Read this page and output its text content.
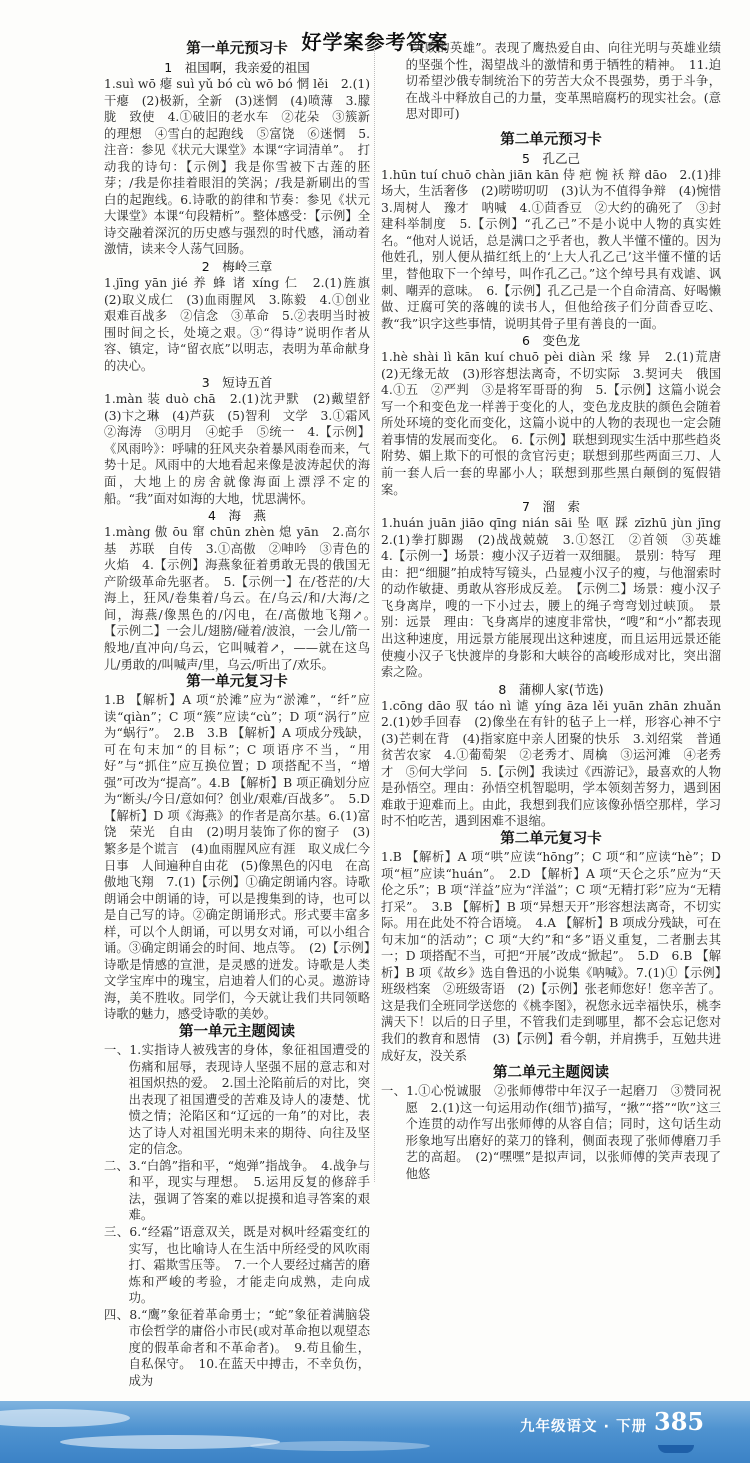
好学案参考答案
第一单元预习卡
1　祖国啊，我亲爱的祖国

1.suì wō 瘪 suì yǔ bó cù wō bó 惘 lěi　2.(1)干瘪　(2)极新，全新　(3)迷惘　(4)喷薄　3.朦胧　致使　4.①破旧的老水车　②花朵　③簇新的理想　④雪白的起跑线　⑤富饶　⑥迷惘　5.注音：参见《状元大课堂》本课“字词清单”。　打动我的诗句：【示例】我是你雪被下古莲的胚芽；/我是你挂着眼泪的笑涡；/我是新刷出的雪白的起跑线。6.诗歌的韵律和节奏：参见《状元大课堂》本课“句段精析”。整体感受：【示例】全诗交融着深沉的历史感与强烈的时代感，涌动着激情，读来令人荡气回肠。

2　梅岭三章

1.jīng yān jié 养 蜂 诸 xíng 仁　2.(1)旌旗　(2)取义成仁　(3)血雨腥风　3.陈毅　4.①创业艰难百战多　②信念　③革命　5.②表明当时被围时间之长，处境之艰。③“得诗”说明作者从容、镇定，诗“留衣底”以明志，表明为革命献身的决心。

3　短诗五首

1.màn 装 duò chā　2.(1)沈尹默　(2)戴望舒　(3)卞之琳　(4)芦荻　(5)智利　文学　3.①霜风　②海涛　③明月　④蛇手　⑤统一　4.【示例】《风雨吟》：呼啸的狂风夹杂着暴风雨卷而来，气势十足。风雨中的大地看起来像是波涛起伏的海面，大地上的房舍就像海面上漂浮不定的船。“我”面对如海的大地，忧思满怀。

4　海　燕

1.màng 傲 ōu 窜 chūn zhèn 熄 yān　2.高尔基　苏联　自传　3.①高傲　②呻吟　③青色的火焰　4.【示例】海燕象征着勇敢无畏的俄国无产阶级革命先驱者。　5.【示例一】在/苍茫的/大海上，狂风/卷集着/乌云。在/乌云/和/大海/之间，海燕/像黑色的/闪电，在/高傲地飞翔↗。　【示例二】一会儿/翅膀/碰着/波浪，一会儿/箭一般地/直冲向/乌云，它叫喊着↗，——就在这鸟儿/勇敢的/叫喊声/里，乌云/听出了/欢乐。

第一单元复习卡

1.B 【解析】A 项“於滩”应为“淤滩”，“纤”应读“qiàn”；C 项“簇”应读“cù”；D 项“涡行”应为“蜗行”。　2.B　3.B 【解析】A 项成分残缺，可在句末加“的目标”；C 项语序不当，“用好”与“抓住”应互换位置；D 项搭配不当，“增强”可改为“提高”。4.B 【解析】B 项正确划分应为“断头/今日/意如何？创业/艰难/百战多”。　5.D 【解析】D 项《海燕》的作者是高尔基。6.(1)富饶　荣光　自由　(2)明月装饰了你的窗子　(3)繁多是个谎言　(4)血雨腥风应有涯　取义成仁今日事　人间遍种自由花　(5)像黑色的闪电　在高傲地飞翔　7.(1)【示例】①确定朗诵内容。诗歌朗诵会中朗诵的诗，可以是搜集到的诗，也可以是自己写的诗。②确定朗诵形式。形式要丰富多样，可以个人朗诵，可以男女对诵，可以小组合诵。③确定朗诵会的时间、地点等。　(2)【示例】诗歌是情感的宣泄，是灵感的迸发。诗歌是人类文学宝库中的瑰宝，启迪着人们的心灵。遨游诗海，美不胜收。同学们，今天就让我们共同领略诗歌的魅力，感受诗歌的美妙。

第一单元主题阅读

一、1.实指诗人被残害的身体，象征祖国遭受的伤痛和屈辱，表现诗人坚强不屈的意志和对祖国炽热的爱。　2.国土沦陷前后的对比，突出表现了祖国遭受的苦难及诗人的凄楚、忧愤之情；沦陷区和“辽远的一角”的对比，表达了诗人对祖国光明未来的期待、向往及坚定的信念。

二、3.“白鸽”指和平，“炮弹”指战争。　4.战争与和平，现实与理想。　5.运用反复的修辞手法，强调了答案的难以捉摸和追寻答案的艰难。

三、6.“经霜”语意双关，既是对枫叶经霜变红的实写，也比喻诗人在生活中所经受的风吹雨打、霜欺雪压等。　7.一个人要经过痛苦的磨炼和严峻的考验，才能走向成熟，走向成功。

四、8.“鹰”象征着革命勇士；“蛇”象征着满脑袋市侩哲学的庸俗小市民(或对革命抱以观望态度的假革命者和不革命者)。　9.苟且偷生，自私保守。　10.在蓝天中搏击，不幸负伤，成为

“失败的英雄”。表现了鹰热爱自由、向往光明与英雄业绩的坚强个性，渴望战斗的激情和勇于牺牲的精神。　11.迫切希望沙俄专制统治下的劳苦大众不畏强势，勇于斗争，在战斗中释放自己的力量，变革黑暗腐朽的现实社会。(意思对即可)

第二单元预习卡
5　孔乙己

1.hūn tuí chuō chàn jiān kān 侍 疤 惋 袄 辩 dāo　2.(1)排场大，生活奢侈　(2)唠唠叨叨　(3)认为不值得争辩　(4)惋惜　3.周树人　豫才　呐喊　4.①茴香豆　②大约的确死了　③封建科举制度　5.【示例】“孔乙己”不是小说中人物的真实姓名。“他对人说话，总是满口之乎者也，教人半懂不懂的。因为他姓孔，别人便从描红纸上的‘上大人孔乙己’这半懂不懂的话里，替他取下一个绰号，叫作孔乙己。”这个绰号具有戏谑、讽刺、嘲弄的意味。　6.【示例】孔乙己是一个自命清高、好喝懒做、迂腐可笑的落魄的读书人，但他给孩子们分茴香豆吃、教“我”识字这些事情，说明其骨子里有善良的一面。

6　变色龙

1.hè shài lì kān kuí chuō pèi diàn 采 缘 异　2.(1)荒唐　(2)无缘无故　(3)形容想法离奇，不切实际　3.契诃夫　俄国　4.①五　②严判　③是将军哥哥的狗　5.【示例】这篇小说会写一个和变色龙一样善于变化的人，变色龙皮肤的颜色会随着所处环境的变化而变化，这篇小说中的人物的表现也一定会随着事情的发展而变化。　6.【示例】联想到现实生活中那些趋炎附势、媚上欺下的可恨的贪官污吏；联想到那些两面三刀、人前一套人后一套的卑鄙小人；联想到那些黑白颠倒的冤假错案。

7　溜　索

1.huán juān jiāo qīng nián sāi 坠 呕 踩 zīzhū jùn jīng　2.(1)拳打脚踢　(2)战战兢兢　3.①怒江　②首领　③英雄　4.【示例一】场景：瘦小汉子迈着一双细腿。　景别：特写　理由：把“细腿”拍成特写镜头，凸显瘦小汉子的瘦，与他溜索时的动作敏捷、勇敢从容形成反差。　【示例二】场景：瘦小汉子飞身离岸，嗖的一下小过去，腰上的绳子弯弯划过峡顶。　景别：远景　理由：飞身离岸的速度非常快，“嗖”和“小”都表现出这种速度，用远景方能展现出这种速度，而且运用远景还能使瘦小汉子飞快渡岸的身影和大峡谷的高峻形成对比，突出溜索之险。

8　蒲柳人家(节选)

1.cōng dāo 驭 táo nì 谑 yíng āza lěi yuān zhān zhuǎn　2.(1)妙手回春　(2)像坐在有针的毡子上一样，形容心神不宁　(3)芒刺在背　(4)指家庭中亲人团聚的快乐　3.刘绍棠　普通贫苦农家　4.①葡萄架　②老秀才、周檎　③运河滩　④老秀才　⑤何大学问　5.【示例】我读过《西游记》，最喜欢的人物是孙悟空。理由：孙悟空机智聪明，学本领刻苦努力，遇到困难敢于迎难而上。由此，我想到我们应该像孙悟空那样，学习时不怕吃苦，遇到困难不退缩。

第二单元复习卡

1.B 【解析】A 项“哄”应读“hōng”；C 项“和”应读“hè”；D 项“桓”应读“huán”。　2.D 【解析】A 项“天仑之乐”应为“天伦之乐”；B 项“洋益”应为“洋溢”；C 项“无精打彩”应为“无精打采”。　3.B 【解析】B 项“异想天开”形容想法离奇，不切实际。用在此处不符合语境。　4.A 【解析】B 项成分残缺，可在句末加“的活动”；C 项“大约”和“多”语义重复，二者删去其一；D 项搭配不当，可把“开展”改成“掀起”。　5.D　6.B 【解析】B 项《故乡》选自鲁迅的小说集《呐喊》。7.(1)①【示例】班级档案　②班级寄语　(2)【示例】张老师您好！您辛苦了。这是我们全班同学送您的《桃李图》，祝您永远幸福快乐，桃李满天下！以后的日子里，不管我们走到哪里，都不会忘记您对我们的教育和恩情　(3)【示例】看今朝，并肩携手，互勉共进成好友，没关系

第二单元主题阅读

一、1.①心悦诚服　②张师傅带中年汉子一起磨刀　③赞同祝愿　2.(1)这一句运用动作(细节)描写，“揪”“搭”“吹”这三个连贯的动作写出张师傅的从容自信；同时，这句话生动形象地写出磨好的菜刀的锋利，侧面表现了张师傅磨刀手艺的高超。　(2)“嘿嘿”是拟声词，以张师傅的笑声表现了他悠

九年级语文 · 下册 385
